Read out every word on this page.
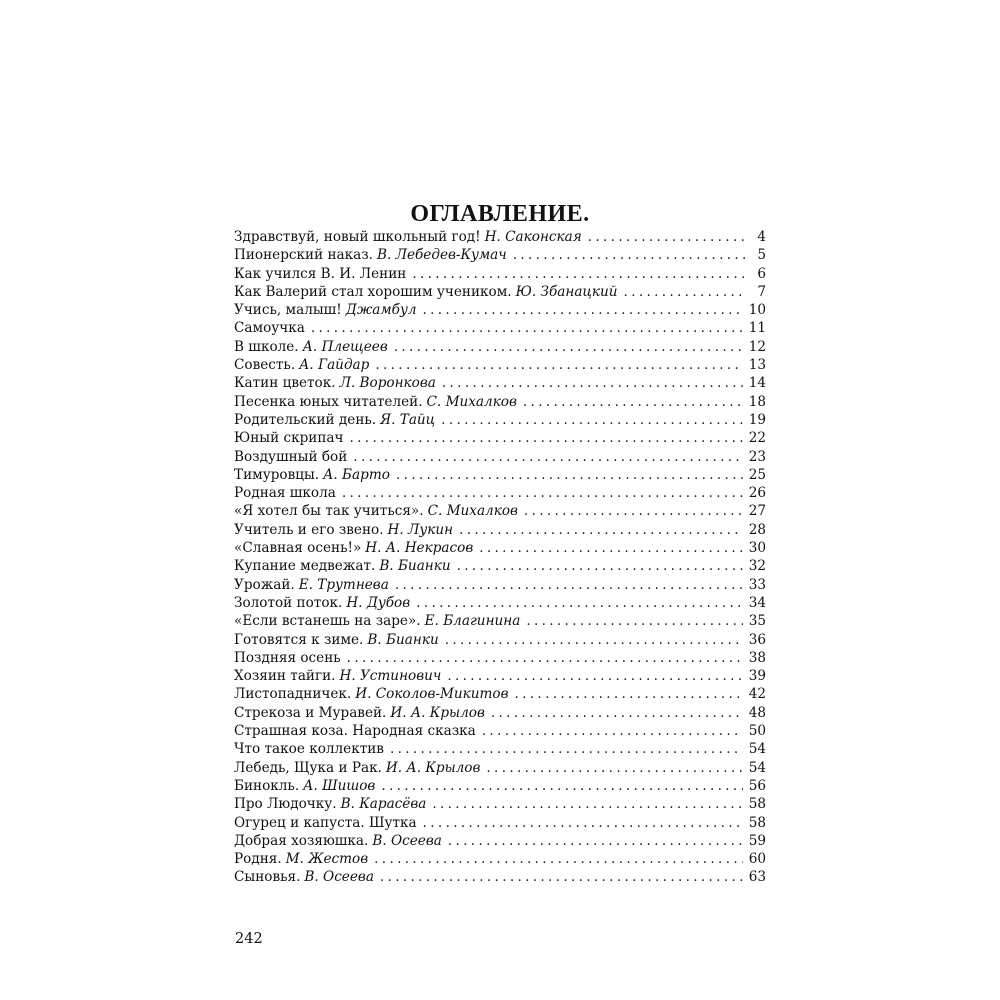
ОГЛАВЛЕНИЕ.
Здравствуй, новый школьный год! Н. Саконская . . .	4
Пионерский наказ. В. Лебедев-Кумач . . .	5
Как учился В. И. Ленин . . .	6
Как Валерий стал хорошим учеником. Ю. Збанацкий . . .	7
Учись, малыш! Джамбул . . .	10
Самоучка . . .	11
В школе. А. Плещеев . . .	12
Совесть. А. Гайдар . . .	13
Катин цветок. Л. Воронкова . . .	14
Песенка юных читателей. С. Михалков . . .	18
Родительский день. Я. Тайц . . .	19
Юный скрипач . . .	22
Воздушный бой . . .	23
Тимуровцы. А. Барто . . .	25
Родная школа . . .	26
«Я хотел бы так учиться». С. Михалков . . .	27
Учитель и его звено. Н. Лукин . . .	28
«Славная осень!» Н. А. Некрасов . . .	30
Купание медвежат. В. Бианки . . .	32
Урожай. Е. Трутнева . . .	33
Золотой поток. Н. Дубов . . .	34
«Если встанешь на заре». Е. Благинина . . .	35
Готовятся к зиме. В. Бианки . . .	36
Поздняя осень . . .	38
Хозяин тайги. Н. Устинович . . .	39
Листопадничек. И. Соколов-Микитов . . .	42
Стрекоза и Муравей. И. А. Крылов . . .	48
Страшная коза. Народная сказка . . .	50
Что такое коллектив . . .	54
Лебедь, Щука и Рак. И. А. Крылов . . .	54
Бинокль. А. Шишов . . .	56
Про Людочку. В. Карасёва . . .	58
Огурец и капуста. Шутка . . .	58
Добрая хозяюшка. В. Осеева . . .	59
Родня. М. Жестов . . .	60
Сыновья. В. Осеева . . .	63
242
